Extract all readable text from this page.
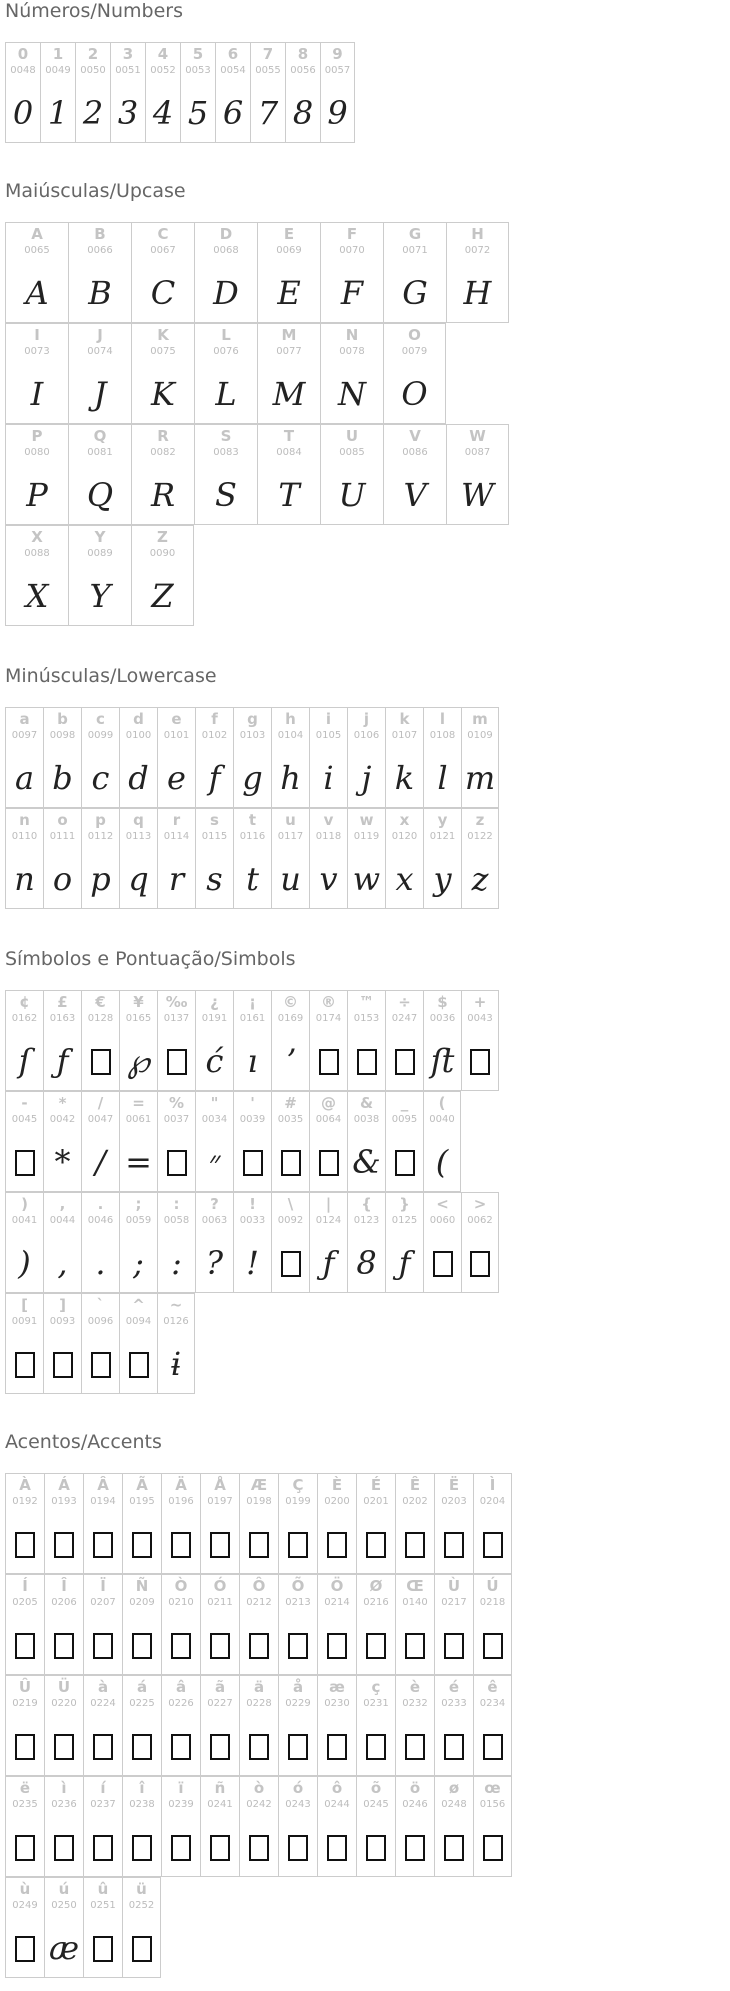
Números/Numbers
0
0048
0
1
0049
1
2
0050
2
3
0051
3
4
0052
4
5
0053
5
6
0054
6
7
0055
7
8
0056
8
9
0057
9
Maiúsculas/Upcase
A
0065
A
B
0066
B
C
0067
C
D
0068
D
E
0069
E
F
0070
F
G
0071
G
H
0072
H
I
0073
I
J
0074
J
K
0075
K
L
0076
L
M
0077
M
N
0078
N
O
0079
O
P
0080
P
Q
0081
Q
R
0082
R
S
0083
S
T
0084
T
U
0085
U
V
0086
V
W
0087
W
X
0088
X
Y
0089
Y
Z
0090
Z
Minúsculas/Lowercase
a
0097
a
b
0098
b
c
0099
c
d
0100
d
e
0101
e
f
0102
f
g
0103
g
h
0104
h
i
0105
i
j
0106
j
k
0107
k
l
0108
l
m
0109
m
n
0110
n
o
0111
o
p
0112
p
q
0113
q
r
0114
r
s
0115
s
t
0116
t
u
0117
u
v
0118
v
w
0119
w
x
0120
x
y
0121
y
z
0122
z
Símbolos e Pontuação/Simbols
¢
0162
ſ
£
0163
ƒ
€
0128
¥
0165
℘
‰
0137
¿
0191
ć
¡
0161
ı
©
0169
ʼ
®
0174
™
0153
÷
0247
$
0036
ﬅ
+
0043
-
0045
*
0042
*
/
0047
/
=
0061
=
%
0037
"
0034
״
'
0039
#
0035
@
0064
&
0038
&
_
0095
(
0040
(
)
0041
)
,
0044
,
.
0046
.
;
0059
;
:
0058
:
?
0063
?
!
0033
!
\
0092
|
0124
ƒ
{
0123
8
}
0125
ƒ
<
0060
>
0062
[
0091
]
0093
`
0096
^
0094
~
0126
ɨ
Acentos/Accents
À
0192
Á
0193
Â
0194
Ã
0195
Ä
0196
Å
0197
Æ
0198
Ç
0199
È
0200
É
0201
Ê
0202
Ë
0203
Ì
0204
Í
0205
Î
0206
Ï
0207
Ñ
0209
Ò
0210
Ó
0211
Ô
0212
Õ
0213
Ö
0214
Ø
0216
Œ
0140
Ù
0217
Ú
0218
Û
0219
Ü
0220
à
0224
á
0225
â
0226
ã
0227
ä
0228
å
0229
æ
0230
ç
0231
è
0232
é
0233
ê
0234
ë
0235
ì
0236
í
0237
î
0238
ï
0239
ñ
0241
ò
0242
ó
0243
ô
0244
õ
0245
ö
0246
ø
0248
œ
0156
ù
0249
ú
0250
æ
û
0251
ü
0252
